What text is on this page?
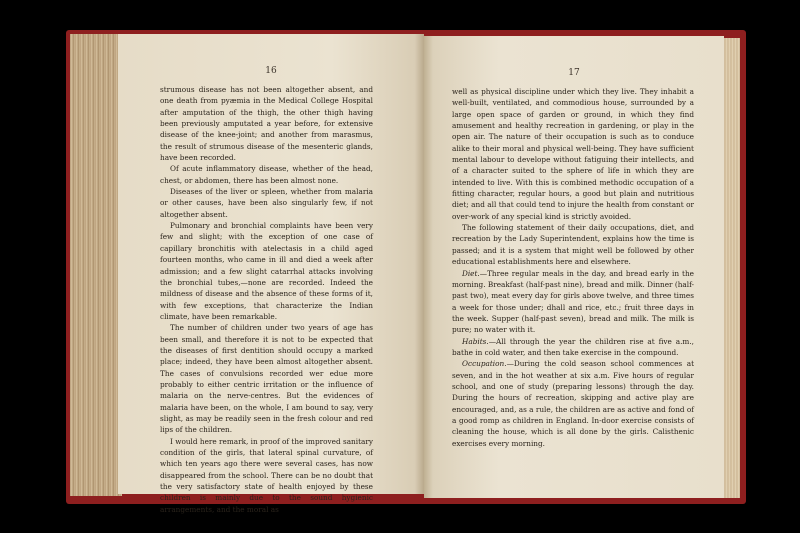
16

strumous disease has not been altogether absent, and one death from pyæmia in the Medical College Hospital after amputation of the thigh, the other thigh having been previously amputated a year before, for extensive disease of the knee-joint; and another from marasmus, the result of strumous disease of the mesenteric glands, have been recorded.

Of acute inflammatory disease, whether of the head, chest, or abdomen, there has been almost none.

Diseases of the liver or spleen, whether from malaria or other causes, have been also singularly few, if not altogether absent.

Pulmonary and bronchial complaints have been very few and slight; with the exception of one case of capillary bronchitis with atelectasis in a child aged fourteen months, who came in ill and died a week after admission; and a few slight catarrhal attacks involving the bronchial tubes,—none are recorded. Indeed the mildness of disease and the absence of these forms of it, with few exceptions, that characterize the Indian climate, have been remarkable.

The number of children under two years of age has been small, and therefore it is not to be expected that the diseases of first dentition should occupy a marked place; indeed, they have been almost altogether absent. The cases of convulsions recorded wer edue more probably to either centric irritation or the influence of malaria on the nerve-centres. But the evidences of malaria have been, on the whole, I am bound to say, very slight, as may be readily seen in the fresh colour and red lips of the children.

I would here remark, in proof of the improved sanitary condition of the girls, that lateral spinal curvature, of which ten years ago there were several cases, has now disappeared from the school. There can be no doubt that the very satisfactory state of health enjoyed by these children is mainly due to the sound hygienic arrangements, and the moral as

17

well as physical discipline under which they live. They inhabit a well-built, ventilated, and commodious house, surrounded by a large open space of garden or ground, in which they find amusement and healthy recreation in gardening, or play in the open air. The nature of their occupation is such as to conduce alike to their moral and physical well-being. They have sufficient mental labour to develope without fatiguing their intellects, and of a character suited to the sphere of life in which they are intended to live. With this is combined methodic occupation of a fitting character, regular hours, a good but plain and nutritious diet; and all that could tend to injure the health from constant or over-work of any special kind is strictly avoided.

The following statement of their daily occupations, diet, and recreation by the Lady Superintendent, explains how the time is passed; and it is a system that might well be followed by other educational establishments here and elsewhere.

Diet.—Three regular meals in the day, and bread early in the morning. Breakfast (half-past nine), bread and milk. Dinner (half-past two), meat every day for girls above twelve, and three times a week for those under; dhall and rice, etc.; fruit three days in the week. Supper (half-past seven), bread and milk. The milk is pure; no water with it.

Habits.—All through the year the children rise at five a.m., bathe in cold water, and then take exercise in the compound.

Occupation.—During the cold season school commences at seven, and in the hot weather at six a.m. Five hours of regular school, and one of study (preparing lessons) through the day. During the hours of recreation, skipping and active play are encouraged, and, as a rule, the children are as active and fond of a good romp as children in England. In-door exercise consists of cleaning the house, which is all done by the girls. Calisthenic exercises every morning.
